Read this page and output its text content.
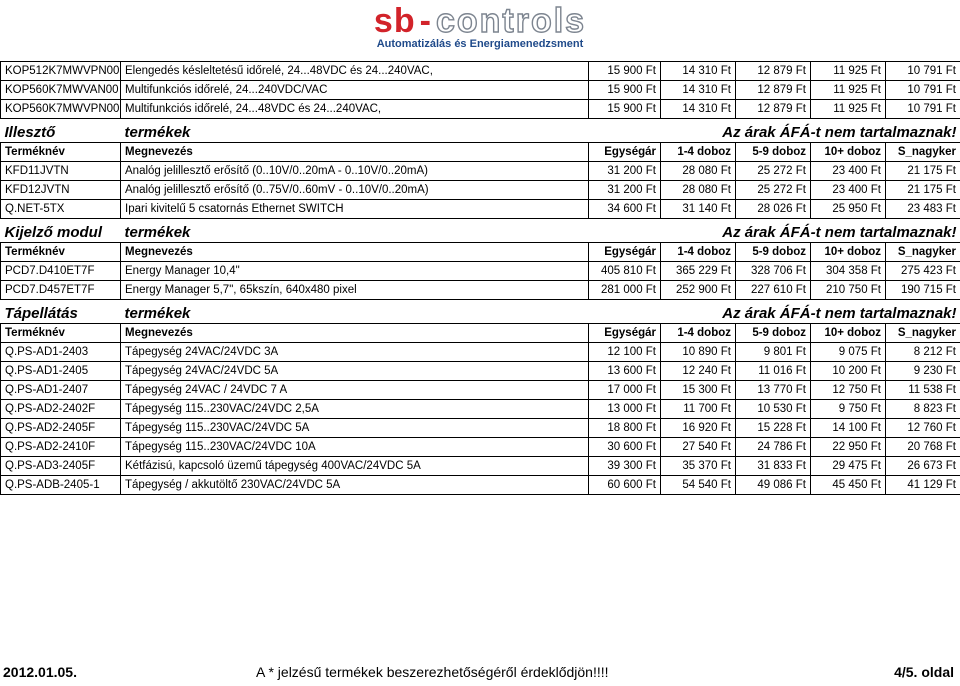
sb - controls
Automatizálás és Energiamenedzsment
KOP512K7MWVPN00	Elengedés késleltetésű időrelé, 24...48VDC és 24...240VAC,	15 900 Ft	14 310 Ft	12 879 Ft	11 925 Ft	10 791 Ft
KOP560K7MWVAN00	Multifunkciós időrelé, 24...240VDC/VAC	15 900 Ft	14 310 Ft	12 879 Ft	11 925 Ft	10 791 Ft
KOP560K7MWVPN00	Multifunkciós időrelé, 24...48VDC és 24...240VAC,	15 900 Ft	14 310 Ft	12 879 Ft	11 925 Ft	10 791 Ft
Illesztő	termékek	Az árak ÁFÁ-t nem tartalmaznak!				
Terméknév	Megnevezés	Egységár	1-4 doboz	5-9 doboz	10+ doboz	S_nagyker
KFD11JVTN	Analóg jelillesztő erősítő (0..10V/0..20mA - 0..10V/0..20mA)	31 200 Ft	28 080 Ft	25 272 Ft	23 400 Ft	21 175 Ft
KFD12JVTN	Analóg jelillesztő erősítő (0..75V/0..60mV - 0..10V/0..20mA)	31 200 Ft	28 080 Ft	25 272 Ft	23 400 Ft	21 175 Ft
Q.NET-5TX	Ipari kivitelű 5 csatornás Ethernet SWITCH	34 600 Ft	31 140 Ft	28 026 Ft	25 950 Ft	23 483 Ft
Kijelző modul	termékek	Az árak ÁFÁ-t nem tartalmaznak!				
Terméknév	Megnevezés	Egységár	1-4 doboz	5-9 doboz	10+ doboz	S_nagyker
PCD7.D410ET7F	Energy Manager 10,4"	405 810 Ft	365 229 Ft	328 706 Ft	304 358 Ft	275 423 Ft
PCD7.D457ET7F	Energy Manager 5,7", 65kszín, 640x480 pixel	281 000 Ft	252 900 Ft	227 610 Ft	210 750 Ft	190 715 Ft
Tápellátás	termékek	Az árak ÁFÁ-t nem tartalmaznak!				
Terméknév	Megnevezés	Egységár	1-4 doboz	5-9 doboz	10+ doboz	S_nagyker
Q.PS-AD1-2403	Tápegység 24VAC/24VDC 3A	12 100 Ft	10 890 Ft	9 801 Ft	9 075 Ft	8 212 Ft
Q.PS-AD1-2405	Tápegység 24VAC/24VDC 5A	13 600 Ft	12 240 Ft	11 016 Ft	10 200 Ft	9 230 Ft
Q.PS-AD1-2407	Tápegység 24VAC / 24VDC 7 A	17 000 Ft	15 300 Ft	13 770 Ft	12 750 Ft	11 538 Ft
Q.PS-AD2-2402F	Tápegység 115..230VAC/24VDC 2,5A	13 000 Ft	11 700 Ft	10 530 Ft	9 750 Ft	8 823 Ft
Q.PS-AD2-2405F	Tápegység 115..230VAC/24VDC 5A	18 800 Ft	16 920 Ft	15 228 Ft	14 100 Ft	12 760 Ft
Q.PS-AD2-2410F	Tápegység 115..230VAC/24VDC 10A	30 600 Ft	27 540 Ft	24 786 Ft	22 950 Ft	20 768 Ft
Q.PS-AD3-2405F	Kétfázisú, kapcsoló üzemű tápegység 400VAC/24VDC 5A	39 300 Ft	35 370 Ft	31 833 Ft	29 475 Ft	26 673 Ft
Q.PS-ADB-2405-1	Tápegység / akkutöltő 230VAC/24VDC 5A	60 600 Ft	54 540 Ft	49 086 Ft	45 450 Ft	41 129 Ft
2012.01.05.	A * jelzésű termékek beszerezhetőségéről érdeklődjön!!!!	4/5. oldal
